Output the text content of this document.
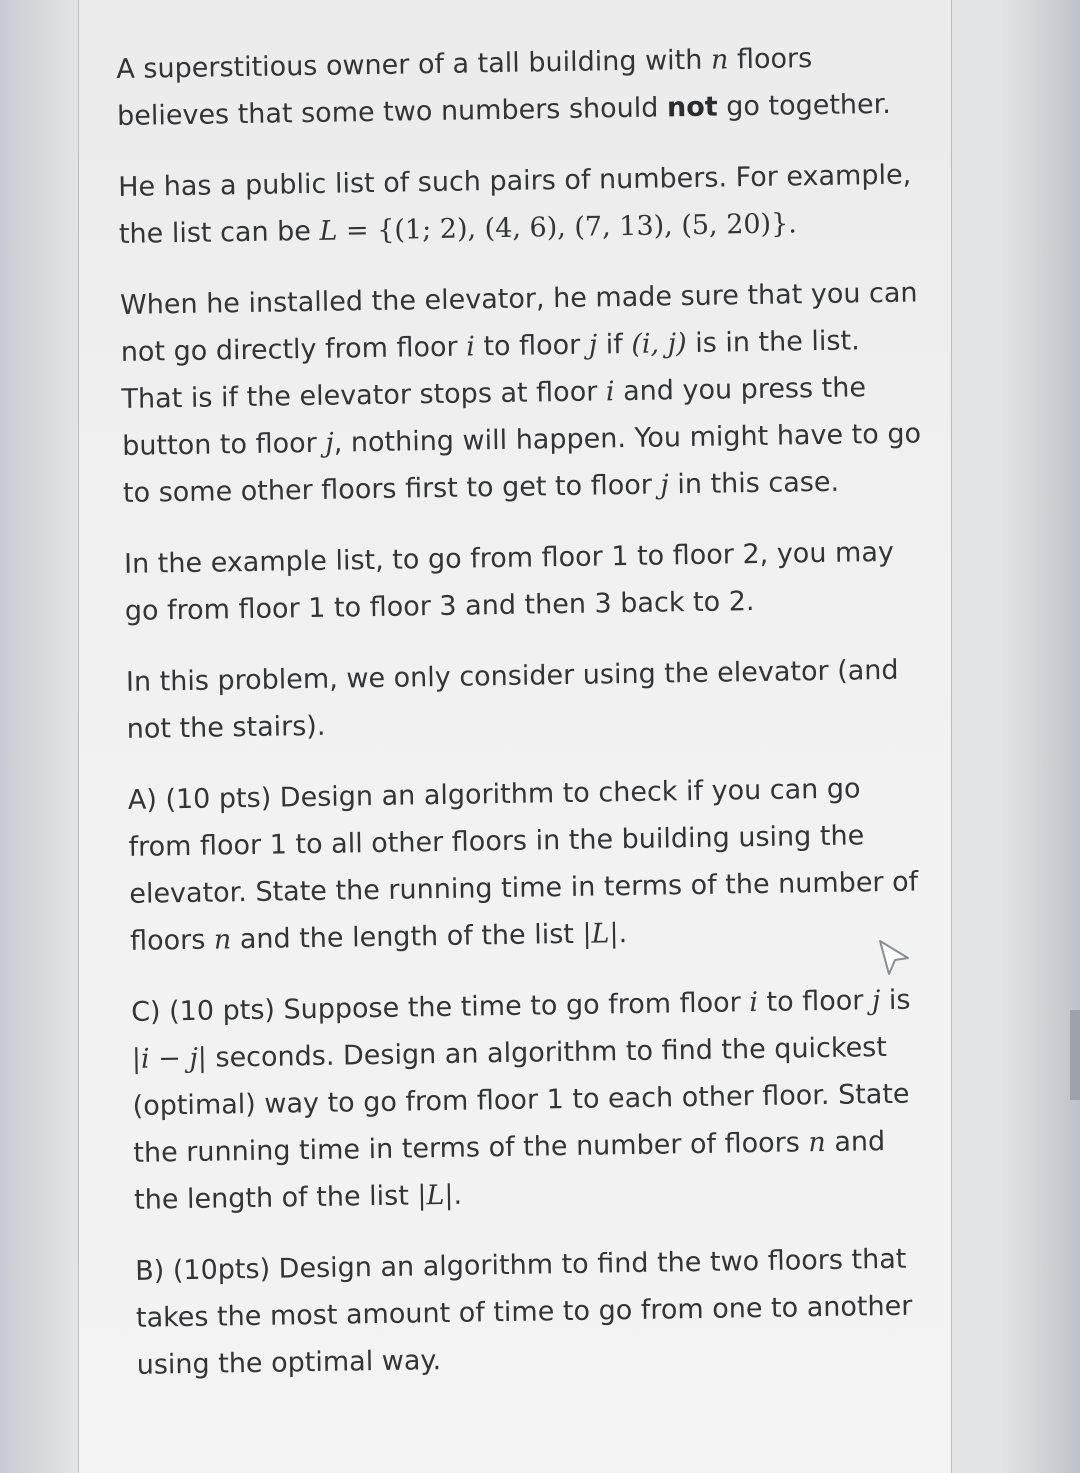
A superstitious owner of a tall building with n floors believes that some two numbers should not go together.

He has a public list of such pairs of numbers. For example, the list can be L = {(1; 2), (4, 6), (7, 13), (5, 20)}.

When he installed the elevator, he made sure that you can not go directly from floor i to floor j if (i, j) is in the list. That is if the elevator stops at floor i and you press the button to floor j, nothing will happen. You might have to go to some other floors first to get to floor j in this case.

In the example list, to go from floor 1 to floor 2, you may go from floor 1 to floor 3 and then 3 back to 2.

In this problem, we only consider using the elevator (and not the stairs).

A) (10 pts) Design an algorithm to check if you can go from floor 1 to all other floors in the building using the elevator. State the running time in terms of the number of floors n and the length of the list |L|.

C) (10 pts) Suppose the time to go from floor i to floor j is |i − j| seconds. Design an algorithm to find the quickest (optimal) way to go from floor 1 to each other floor. State the running time in terms of the number of floors n and the length of the list |L|.

B) (10pts) Design an algorithm to find the two floors that takes the most amount of time to go from one to another using the optimal way.
